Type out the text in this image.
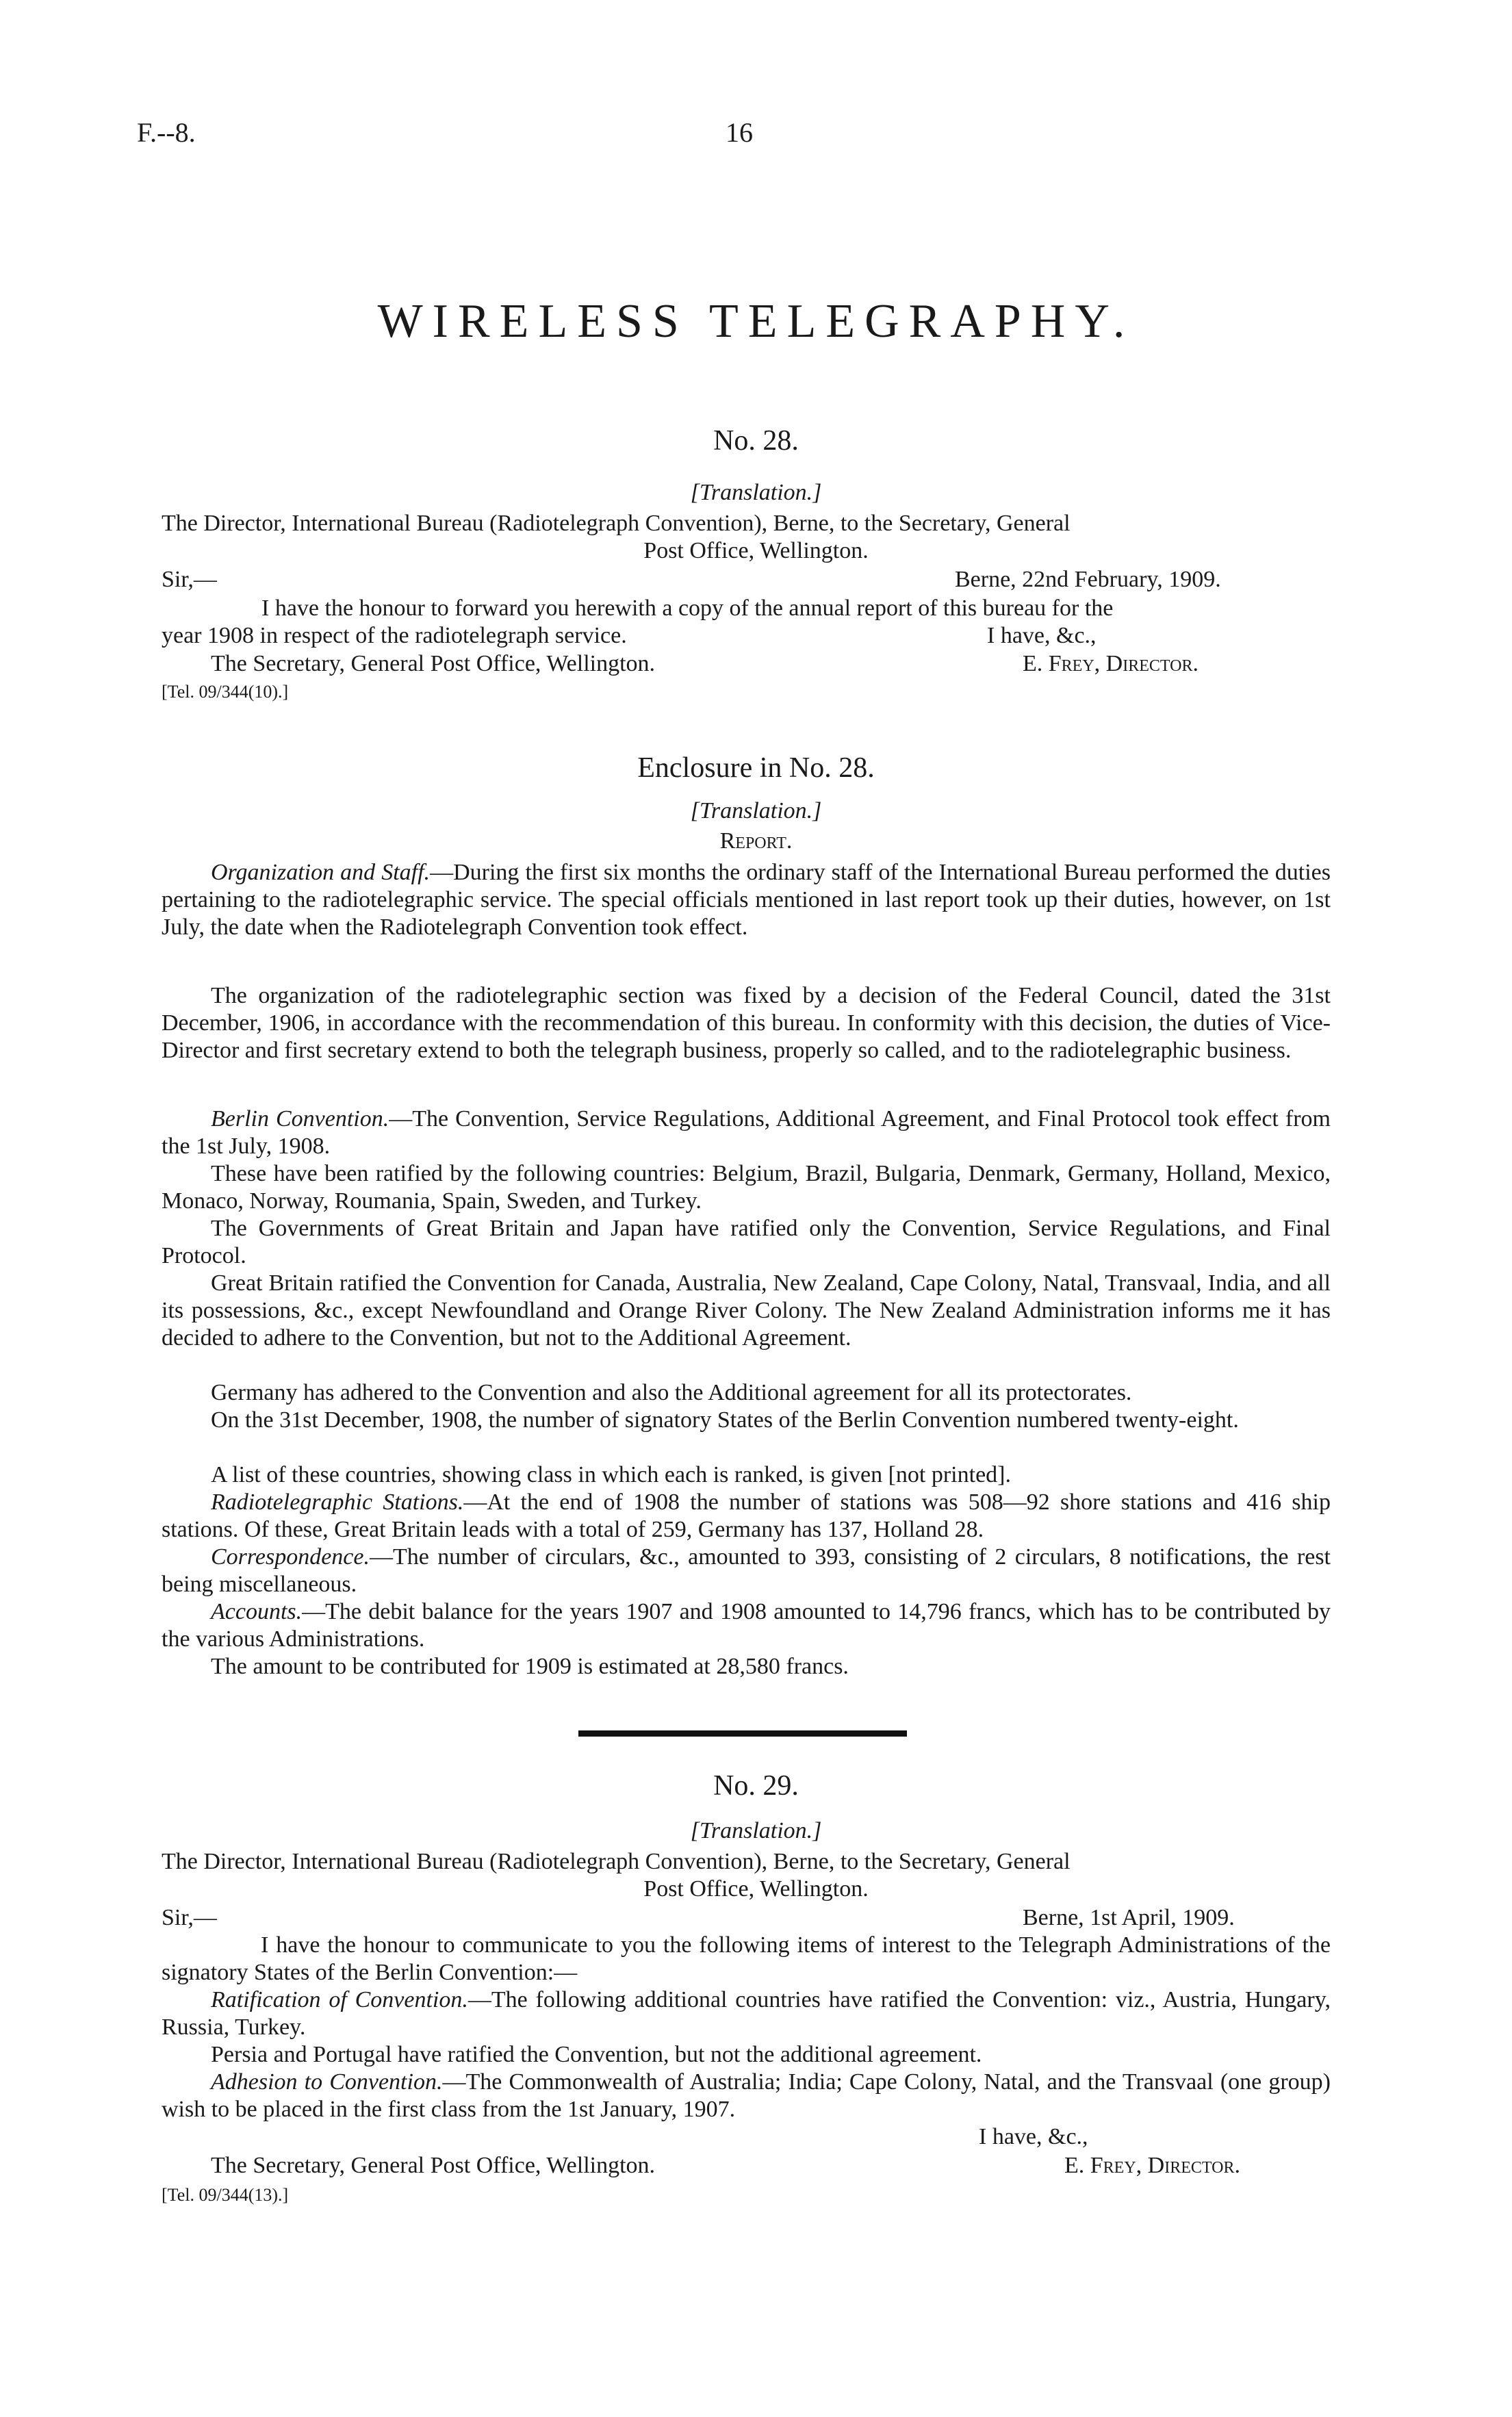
F.--8.	16
WIRELESS TELEGRAPHY.
No. 28.
[Translation.]
The Director, International Bureau (Radiotelegraph Convention), Berne, to the Secretary, General
Post Office, Wellington.
Sir,—	Berne, 22nd February, 1909.
I have the honour to forward you herewith a copy of the annual report of this bureau for the
year 1908 in respect of the radiotelegraph service.	I have, &c.,
The Secretary, General Post Office, Wellington.	E. Frey, Director.
[Tel. 09/344(10).]
Enclosure in No. 28.
[Translation.]
Report.
Organization and Staff.—During the first six months the ordinary staff of the International Bureau performed the duties pertaining to the radiotelegraphic service. The special officials mentioned in last report took up their duties, however, on 1st July, the date when the Radiotelegraph Convention took effect.
The organization of the radiotelegraphic section was fixed by a decision of the Federal Council, dated the 31st December, 1906, in accordance with the recommendation of this bureau. In conformity with this decision, the duties of Vice-Director and first secretary extend to both the telegraph business, properly so called, and to the radiotelegraphic business.
Berlin Convention.—The Convention, Service Regulations, Additional Agreement, and Final Protocol took effect from the 1st July, 1908.
These have been ratified by the following countries: Belgium, Brazil, Bulgaria, Denmark, Germany, Holland, Mexico, Monaco, Norway, Roumania, Spain, Sweden, and Turkey.
The Governments of Great Britain and Japan have ratified only the Convention, Service Regulations, and Final Protocol.
Great Britain ratified the Convention for Canada, Australia, New Zealand, Cape Colony, Natal, Transvaal, India, and all its possessions, &c., except Newfoundland and Orange River Colony. The New Zealand Administration informs me it has decided to adhere to the Convention, but not to the Additional Agreement.
Germany has adhered to the Convention and also the Additional agreement for all its protectorates.
On the 31st December, 1908, the number of signatory States of the Berlin Convention numbered twenty-eight.
A list of these countries, showing class in which each is ranked, is given [not printed].
Radiotelegraphic Stations.—At the end of 1908 the number of stations was 508—92 shore stations and 416 ship stations. Of these, Great Britain leads with a total of 259, Germany has 137, Holland 28.
Correspondence.—The number of circulars, &c., amounted to 393, consisting of 2 circulars, 8 notifications, the rest being miscellaneous.
Accounts.—The debit balance for the years 1907 and 1908 amounted to 14,796 francs, which has to be contributed by the various Administrations.
The amount to be contributed for 1909 is estimated at 28,580 francs.
No. 29.
[Translation.]
The Director, International Bureau (Radiotelegraph Convention), Berne, to the Secretary, General
Post Office, Wellington.
Sir,—	Berne, 1st April, 1909.
I have the honour to communicate to you the following items of interest to the Telegraph Administrations of the signatory States of the Berlin Convention:—
Ratification of Convention.—The following additional countries have ratified the Convention: viz., Austria, Hungary, Russia, Turkey.
Persia and Portugal have ratified the Convention, but not the additional agreement.
Adhesion to Convention.—The Commonwealth of Australia; India; Cape Colony, Natal, and the Transvaal (one group) wish to be placed in the first class from the 1st January, 1907.
I have, &c.,
The Secretary, General Post Office, Wellington.	E. Frey, Director.
[Tel. 09/344(13).]
